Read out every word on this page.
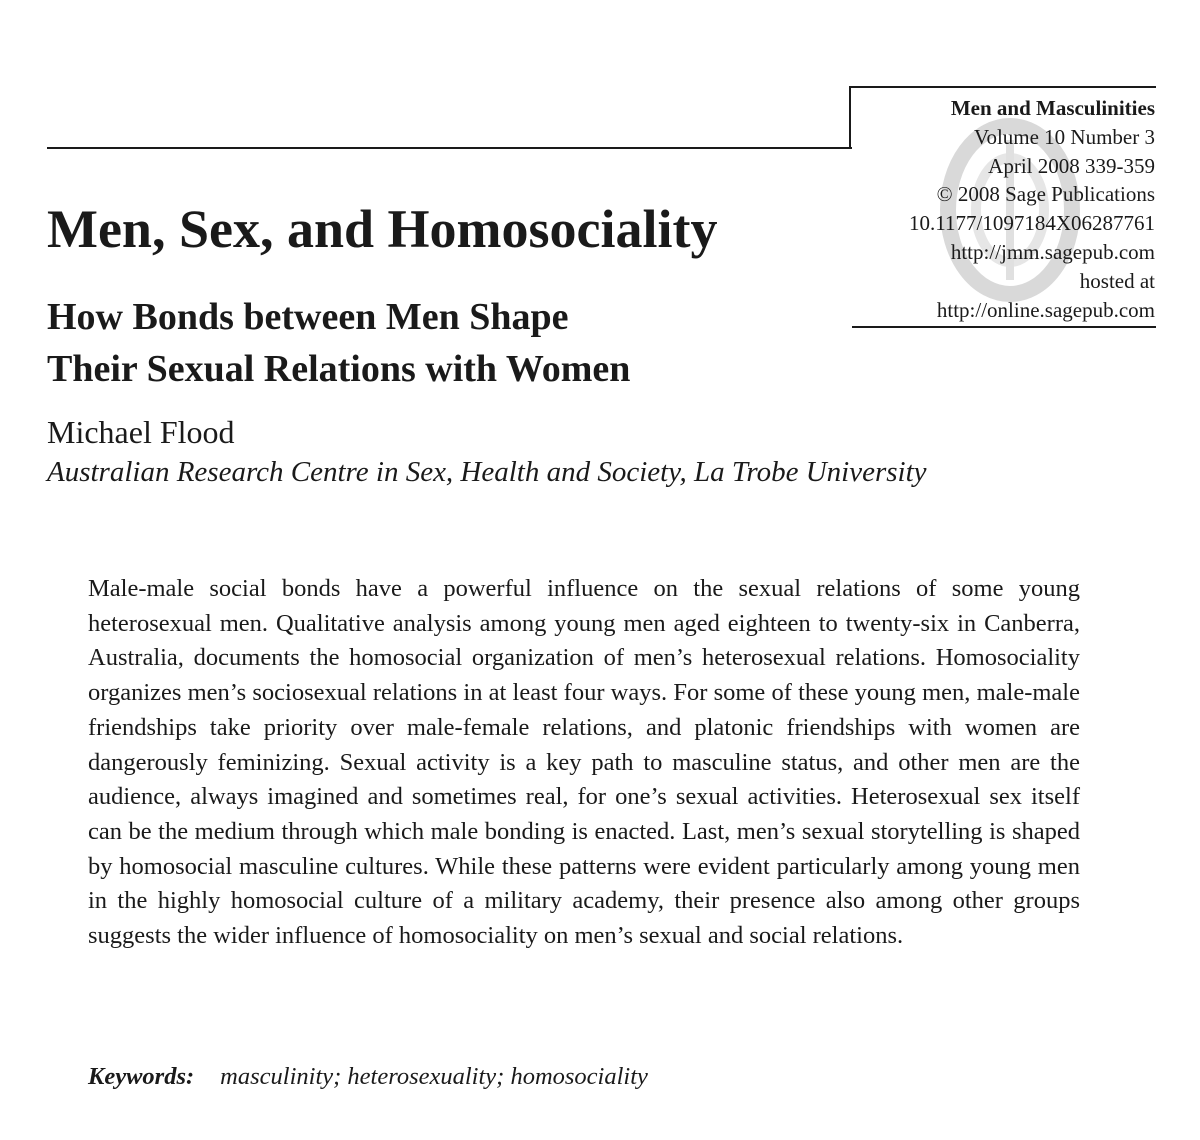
Men and Masculinities
Volume 10 Number 3
April 2008 339-359
© 2008 Sage Publications
10.1177/1097184X06287761
http://jmm.sagepub.com
hosted at
http://online.sagepub.com
Men, Sex, and Homosociality
How Bonds between Men Shape
Their Sexual Relations with Women
Michael Flood
Australian Research Centre in Sex, Health and Society, La Trobe University

Male-male social bonds have a powerful influence on the sexual relations of some young heterosexual men. Qualitative analysis among young men aged eighteen to twenty-six in Canberra, Australia, documents the homosocial organization of men’s heterosexual relations. Homosociality organizes men’s sociosexual relations in at least four ways. For some of these young men, male-male friendships take priority over male-female relations, and platonic friendships with women are dangerously feminizing. Sexual activity is a key path to masculine status, and other men are the audience, always imagined and sometimes real, for one’s sexual activities. Heterosexual sex itself can be the medium through which male bonding is enacted. Last, men’s sexual storytelling is shaped by homosocial masculine cultures. While these patterns were evident particularly among young men in the highly homosocial culture of a military academy, their presence also among other groups suggests the wider influence of homosociality on men’s sexual and social relations.

Keywords: masculinity; heterosexuality; homosociality
